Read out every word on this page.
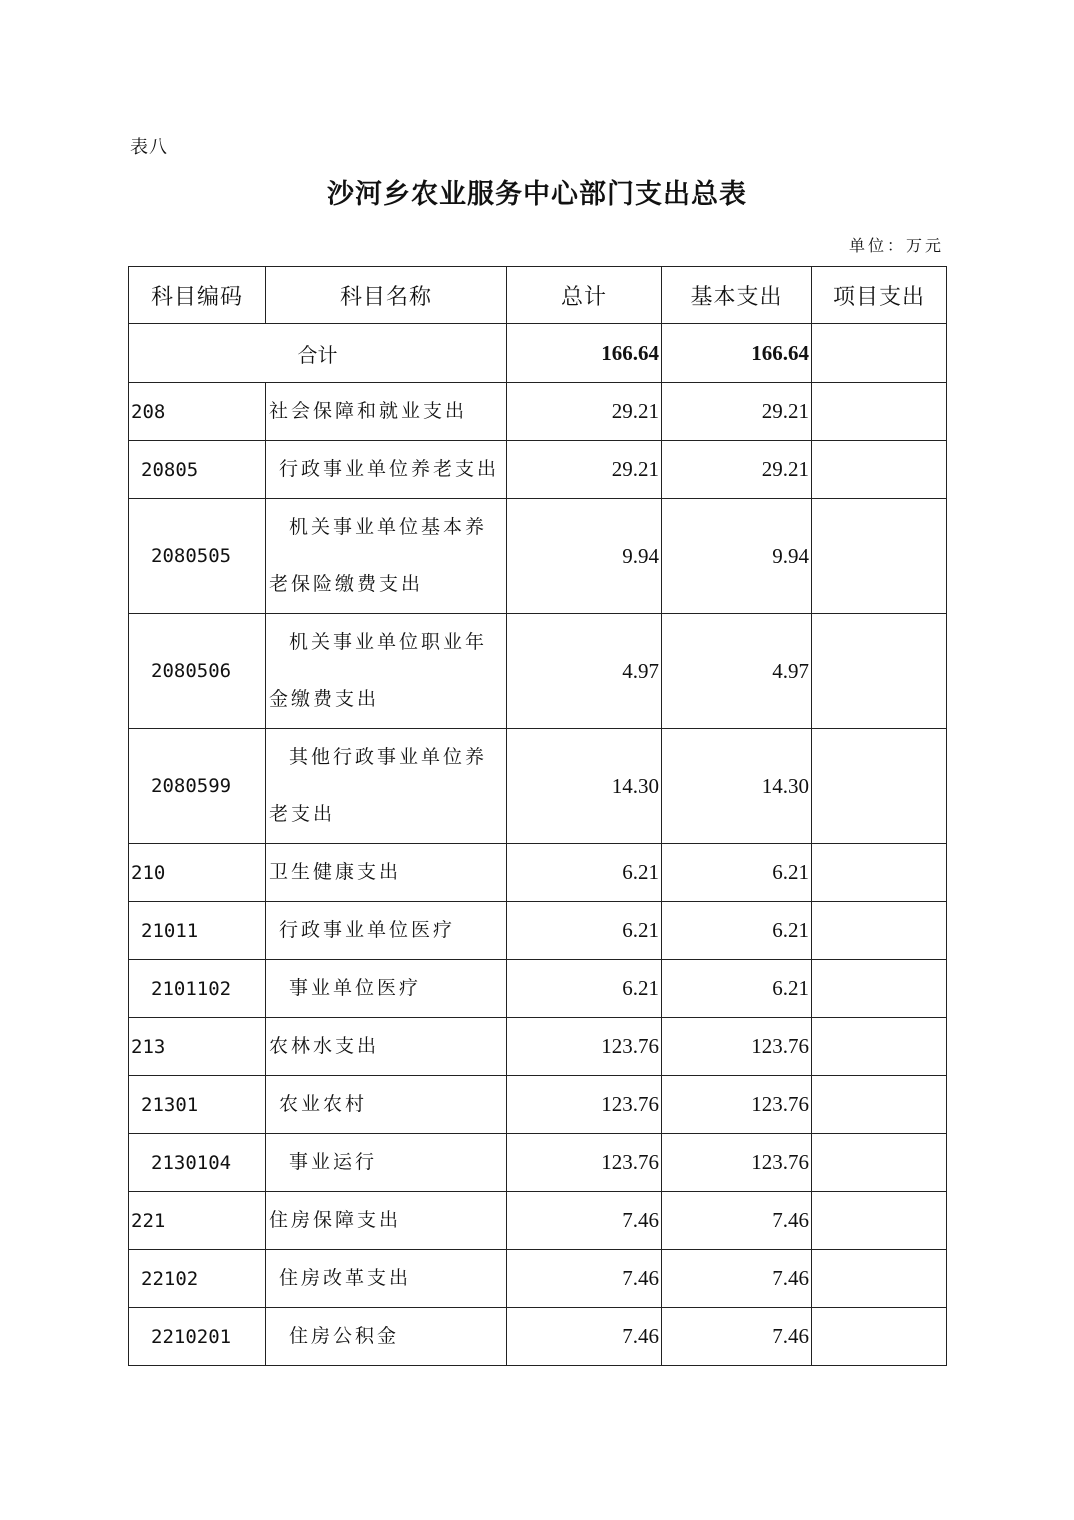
表八
沙河乡农业服务中心部门支出总表
单位：万元
科目编码	科目名称	总计	基本支出	项目支出
合计		166.64	166.64	
208	社会保障和就业支出	29.21	29.21	
20805	行政事业单位养老支出	29.21	29.21	
2080505	机关事业单位基本养老保险缴费支出	9.94	9.94	
2080506	机关事业单位职业年金缴费支出	4.97	4.97	
2080599	其他行政事业单位养老支出	14.30	14.30	
210	卫生健康支出	6.21	6.21	
21011	行政事业单位医疗	6.21	6.21	
2101102	事业单位医疗	6.21	6.21	
213	农林水支出	123.76	123.76	
21301	农业农村	123.76	123.76	
2130104	事业运行	123.76	123.76	
221	住房保障支出	7.46	7.46	
22102	住房改革支出	7.46	7.46	
2210201	住房公积金	7.46	7.46	
